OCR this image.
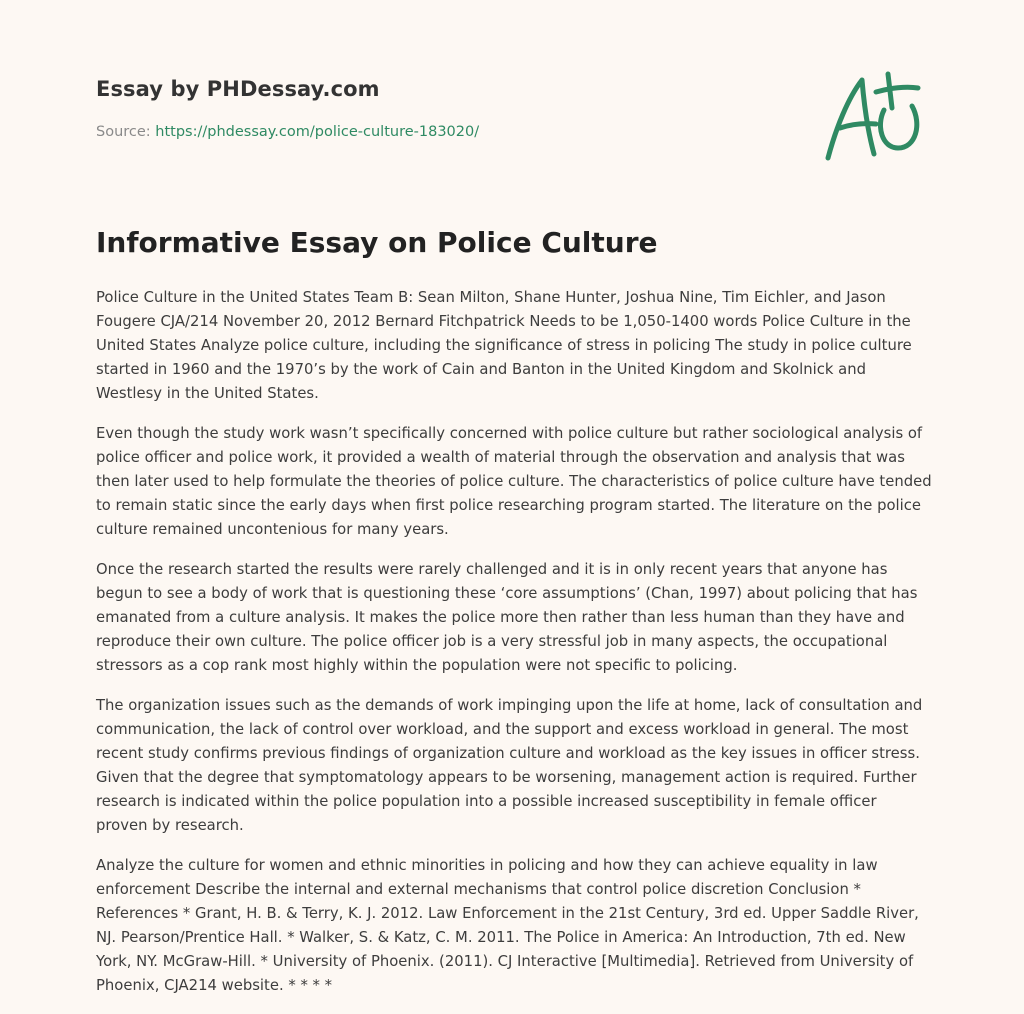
Essay by PHDessay.com

Source: https://phdessay.com/police-culture-183020/

Informative Essay on Police Culture

Police Culture in the United States Team B: Sean Milton, Shane Hunter, Joshua Nine, Tim Eichler, and Jason Fougere CJA/214 November 20, 2012 Bernard Fitchpatrick Needs to be 1,050-1400 words Police Culture in the United States Analyze police culture, including the significance of stress in policing The study in police culture started in 1960 and the 1970’s by the work of Cain and Banton in the United Kingdom and Skolnick and Westlesy in the United States.

Even though the study work wasn’t specifically concerned with police culture but rather sociological analysis of police officer and police work, it provided a wealth of material through the observation and analysis that was then later used to help formulate the theories of police culture. The characteristics of police culture have tended to remain static since the early days when first police researching program started. The literature on the police culture remained uncontenious for many years.

Once the research started the results were rarely challenged and it is in only recent years that anyone has begun to see a body of work that is questioning these ‘core assumptions’ (Chan, 1997) about policing that has emanated from a culture analysis. It makes the police more then rather than less human than they have and reproduce their own culture. The police officer job is a very stressful job in many aspects, the occupational stressors as a cop rank most highly within the population were not specific to policing.

The organization issues such as the demands of work impinging upon the life at home, lack of consultation and communication, the lack of control over workload, and the support and excess workload in general. The most recent study confirms previous findings of organization culture and workload as the key issues in officer stress. Given that the degree that symptomatology appears to be worsening, management action is required. Further research is indicated within the police population into a possible increased susceptibility in female officer proven by research.

Analyze the culture for women and ethnic minorities in policing and how they can achieve equality in law enforcement Describe the internal and external mechanisms that control police discretion Conclusion * References * Grant, H. B. & Terry, K. J. 2012. Law Enforcement in the 21st Century, 3rd ed. Upper Saddle River, NJ. Pearson/Prentice Hall. * Walker, S. & Katz, C. M. 2011. The Police in America: An Introduction, 7th ed. New York, NY. McGraw-Hill. * University of Phoenix. (2011). CJ Interactive [Multimedia]. Retrieved from University of Phoenix, CJA214 website. * * * *
